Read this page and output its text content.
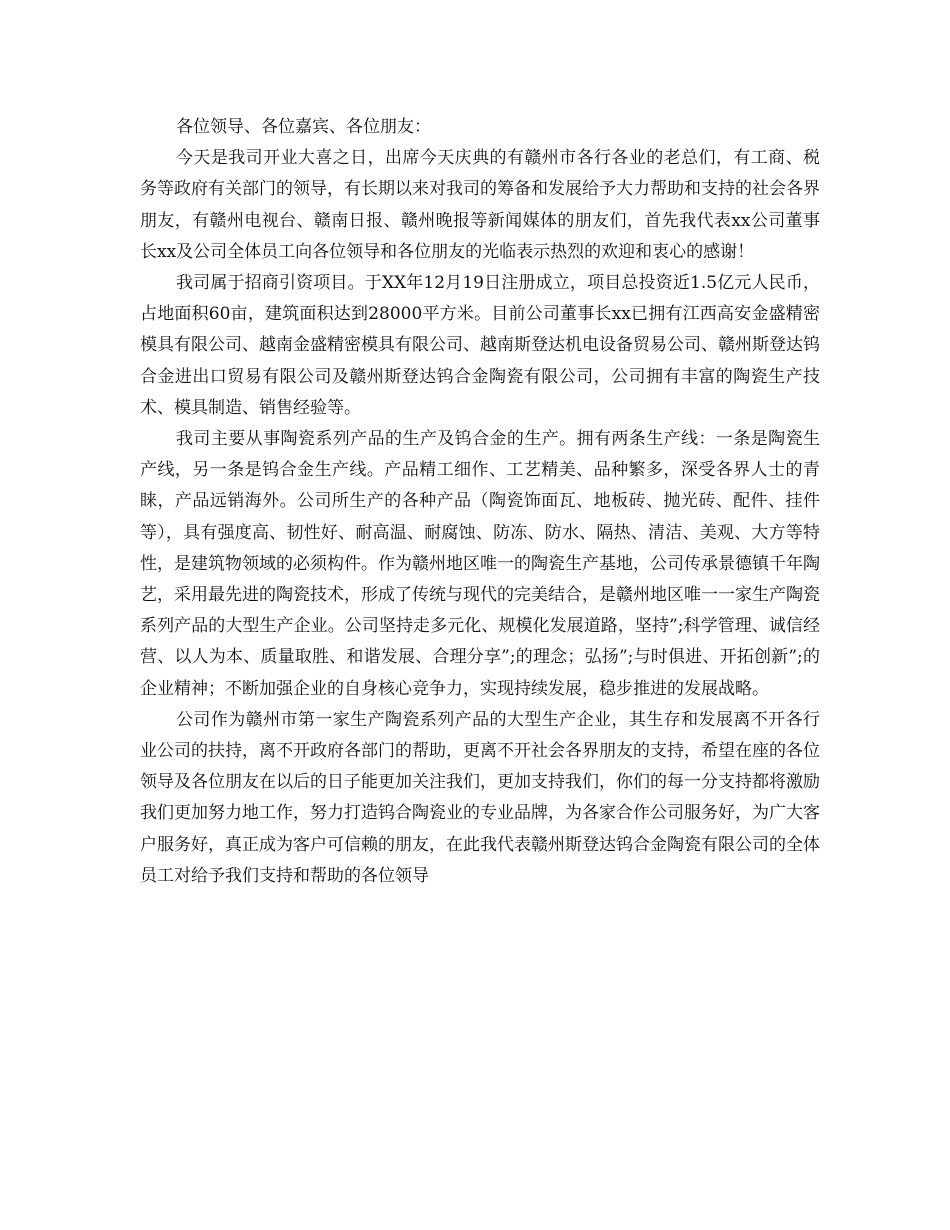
各位领导、各位嘉宾、各位朋友：

今天是我司开业大喜之日，出席今天庆典的有赣州市各行各业的老总们，有工商、税务等政府有关部门的领导，有长期以来对我司的筹备和发展给予大力帮助和支持的社会各界朋友，有赣州电视台、赣南日报、赣州晚报等新闻媒体的朋友们，首先我代表xx公司董事长xx及公司全体员工向各位领导和各位朋友的光临表示热烈的欢迎和衷心的感谢！

我司属于招商引资项目。于XX年12月19日注册成立，项目总投资近1.5亿元人民币，占地面积60亩，建筑面积达到28000平方米。目前公司董事长xx已拥有江西高安金盛精密模具有限公司、越南金盛精密模具有限公司、越南斯登达机电设备贸易公司、赣州斯登达钨合金进出口贸易有限公司及赣州斯登达钨合金陶瓷有限公司，公司拥有丰富的陶瓷生产技术、模具制造、销售经验等。

我司主要从事陶瓷系列产品的生产及钨合金的生产。拥有两条生产线：一条是陶瓷生产线，另一条是钨合金生产线。产品精工细作、工艺精美、品种繁多，深受各界人士的青睐，产品远销海外。公司所生产的各种产品（陶瓷饰面瓦、地板砖、抛光砖、配件、挂件等），具有强度高、韧性好、耐高温、耐腐蚀、防冻、防水、隔热、清洁、美观、大方等特性，是建筑物领域的必须构件。作为赣州地区唯一的陶瓷生产基地，公司传承景德镇千年陶艺，采用最先进的陶瓷技术，形成了传统与现代的完美结合，是赣州地区唯一一家生产陶瓷系列产品的大型生产企业。公司坚持走多元化、规模化发展道路，坚持”;科学管理、诚信经营、以人为本、质量取胜、和谐发展、合理分享”;的理念；弘扬”;与时俱进、开拓创新”;的企业精神；不断加强企业的自身核心竞争力，实现持续发展，稳步推进的发展战略。

公司作为赣州市第一家生产陶瓷系列产品的大型生产企业，其生存和发展离不开各行业公司的扶持，离不开政府各部门的帮助，更离不开社会各界朋友的支持，希望在座的各位领导及各位朋友在以后的日子能更加关注我们，更加支持我们，你们的每一分支持都将激励我们更加努力地工作，努力打造钨合陶瓷业的专业品牌，为各家合作公司服务好，为广大客户服务好，真正成为客户可信赖的朋友，在此我代表赣州斯登达钨合金陶瓷有限公司的全体员工对给予我们支持和帮助的各位领导
